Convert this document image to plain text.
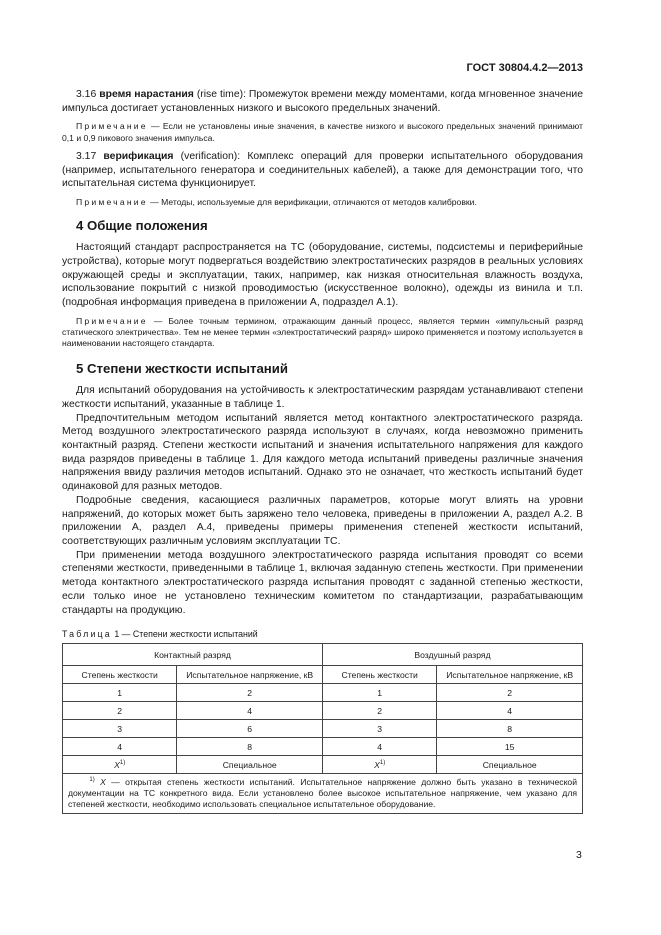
ГОСТ 30804.4.2—2013

3.16 время нарастания (rise time): Промежуток времени между моментами, когда мгновенное значение импульса достигает установленных низкого и высокого предельных значений.

Примечание — Если не установлены иные значения, в качестве низкого и высокого предельных значений принимают 0,1 и 0,9 пикового значения импульса.

3.17 верификация (verification): Комплекс операций для проверки испытательного оборудования (например, испытательного генератора и соединительных кабелей), а также для демонстрации того, что испытательная система функционирует.

Примечание — Методы, используемые для верификации, отличаются от методов калибровки.

4 Общие положения

Настоящий стандарт распространяется на ТС (оборудование, системы, подсистемы и периферийные устройства), которые могут подвергаться воздействию электростатических разрядов в реальных условиях окружающей среды и эксплуатации, таких, например, как низкая относительная влажность воздуха, использование покрытий с низкой проводимостью (искусственное волокно), одежды из винила и т.п. (подробная информация приведена в приложении А, подраздел А.1).

Примечание — Более точным термином, отражающим данный процесс, является термин «импульсный разряд статического электричества». Тем не менее термин «электростатический разряд» широко применяется и поэтому используется в наименовании настоящего стандарта.

5 Степени жесткости испытаний

Для испытаний оборудования на устойчивость к электростатическим разрядам устанавливают степени жесткости испытаний, указанные в таблице 1.

Предпочтительным методом испытаний является метод контактного электростатического разряда. Метод воздушного электростатического разряда используют в случаях, когда невозможно применить контактный разряд. Степени жесткости испытаний и значения испытательного напряжения для каждого вида разрядов приведены в таблице 1. Для каждого метода испытаний приведены различные значения напряжения ввиду различия методов испытаний. Однако это не означает, что жесткость испытаний будет одинаковой для разных методов.

Подробные сведения, касающиеся различных параметров, которые могут влиять на уровни напряжений, до которых может быть заряжено тело человека, приведены в приложении А, раздел А.2. В приложении А, раздел А.4, приведены примеры применения степеней жесткости испытаний, соответствующих различным условиям эксплуатации ТС.

При применении метода воздушного электростатического разряда испытания проводят со всеми степенями жесткости, приведенными в таблице 1, включая заданную степень жесткости. При применении метода контактного электростатического разряда испытания проводят с заданной степенью жесткости, если только иное не установлено техническим комитетом по стандартизации, разрабатывающим стандарты на продукцию.

Таблица 1 — Степени жесткости испытаний
Контактный разряд		Воздушный разряд	
Степень жесткости	Испытательное напряжение, кВ	Степень жесткости	Испытательное напряжение, кВ
1	2	1	2
2	4	2	4
3	6	3	8
4	8	4	15
$X^{1)}$	Специальное	$X^{1)}$	Специальное
$^{1)}$ X — открытая степень жесткости испытаний. Испытательное напряжение должно быть указано в технической документации на ТС конкретного вида. Если установлено более высокое испытательное напряжение, чем указано для степеней жесткости, необходимо использовать специальное испытательное оборудование.			
3
